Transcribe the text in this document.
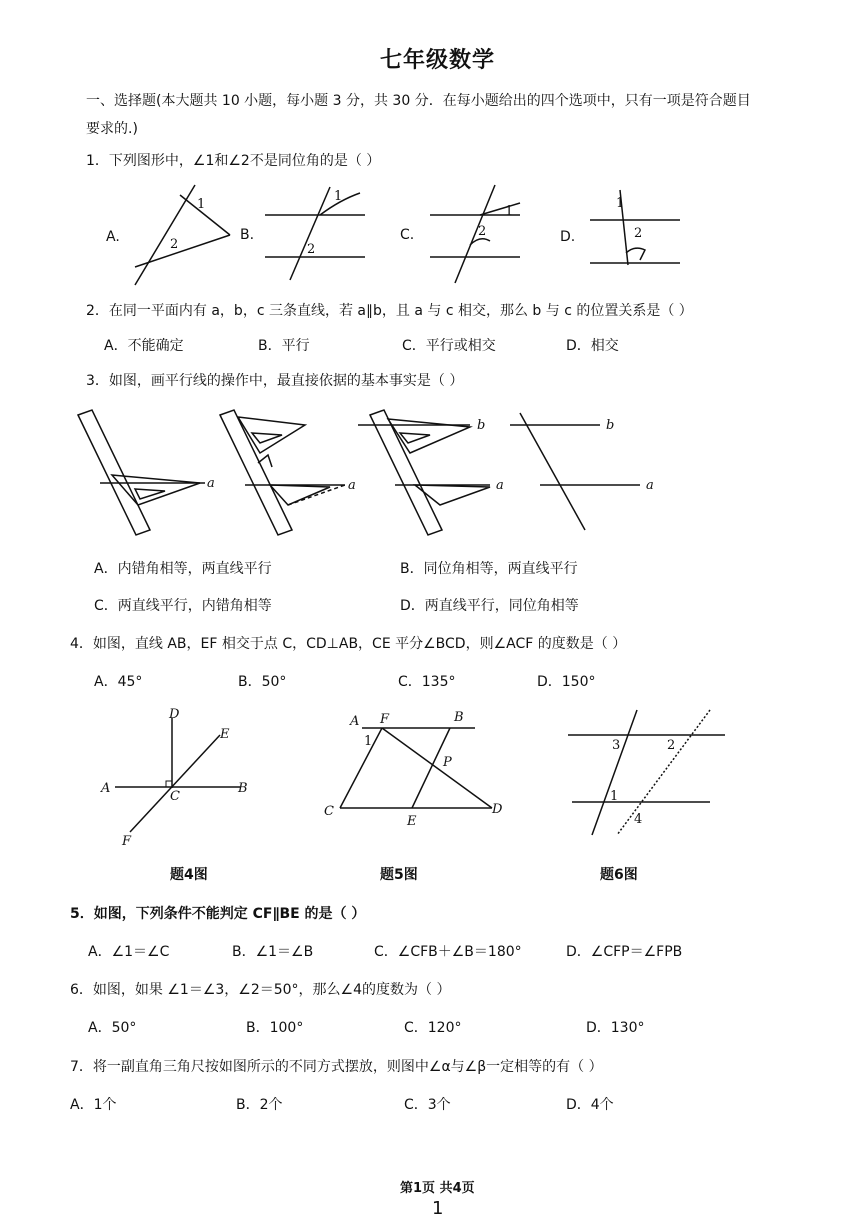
七年级数学
一、选择题(本大题共 10 小题，每小题 3 分，共 30 分．在每小题给出的四个选项中，只有一项是符合题目
要求的.)
1．下列图形中，∠1和∠2不是同位角的是（ ）
A.	B.	C.	D.
1
2
1
2
1
2
1
2
2．在同一平面内有 a，b，c 三条直线，若 a∥b，且 a 与 c 相交，那么 b 与 c 的位置关系是（ ）
A．不能确定	B．平行	C．平行或相交	D．相交
3．如图，画平行线的操作中，最直接依据的基本事实是（ ）
a	a
b
a
b
a
A．内错角相等，两直线平行	B．同位角相等，两直线平行
C．两直线平行，内错角相等	D．两直线平行，同位角相等
4．如图，直线 AB，EF 相交于点 C，CD⊥AB，CE 平分∠BCD，则∠ACF 的度数是（ ）
A．45°	B．50°	C．135°	D．150°
D
E
A
C
B
F
题4图
A F	B
1
P
C
E
D
题5图
3	2
1
4
题6图
5．如图，下列条件不能判定 CF∥BE 的是（ ）
A．∠1＝∠C	B．∠1＝∠B	C．∠CFB＋∠B＝180°	D．∠CFP＝∠FPB
6．如图，如果 ∠1＝∠3，∠2＝50°，那么∠4的度数为（ ）
A．50°	B．100°	C．120°	D．130°
7．将一副直角三角尺按如图所示的不同方式摆放，则图中∠α与∠β一定相等的有（ ）
A．1个	B．2个	C．3个	D．4个
第1页 共4页
1
